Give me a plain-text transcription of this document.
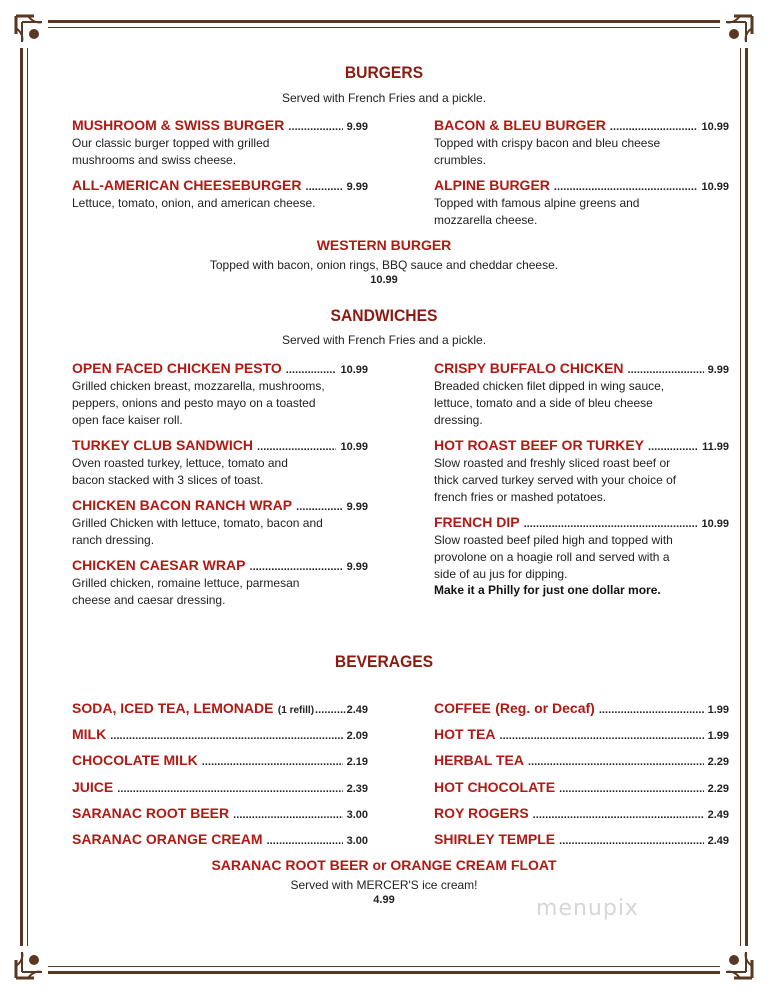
BURGERS
Served with French Fries and a pickle.
MUSHROOM & SWISS BURGER . . .	9.99
Our classic burger topped with grilled
mushrooms and swiss cheese.
BACON & BLEU BURGER . . .	10.99
Topped with crispy bacon and bleu cheese
crumbles.
ALL-AMERICAN CHEESEBURGER . . .	9.99
Lettuce, tomato, onion, and american cheese.
ALPINE BURGER . . .	10.99
Topped with famous alpine greens and
mozzarella cheese.
WESTERN BURGER
Topped with bacon, onion rings, BBQ sauce and cheddar cheese.
10.99
SANDWICHES
Served with French Fries and a pickle.
OPEN FACED CHICKEN PESTO . . .	10.99
Grilled chicken breast, mozzarella, mushrooms,
peppers, onions and pesto mayo on a toasted
open face kaiser roll.
CRISPY BUFFALO CHICKEN . . .	9.99
Breaded chicken filet dipped in wing sauce,
lettuce, tomato and a side of bleu cheese
dressing.
TURKEY CLUB SANDWICH . . .	10.99
Oven roasted turkey, lettuce, tomato and
bacon stacked with 3 slices of toast.
HOT ROAST BEEF OR TURKEY . . .	11.99
Slow roasted and freshly sliced roast beef or
thick carved turkey served with your choice of
french fries or mashed potatoes.
CHICKEN BACON RANCH WRAP . . .	9.99
Grilled Chicken with lettuce, tomato, bacon and
ranch dressing.
FRENCH DIP . . .	10.99
Slow roasted beef piled high and topped with
provolone on a hoagie roll and served with a
side of au jus for dipping.
Make it a Philly for just one dollar more.
CHICKEN CAESAR WRAP . . .	9.99
Grilled chicken, romaine lettuce, parmesan
cheese and caesar dressing.
BEVERAGES
SODA, ICED TEA, LEMONADE
(1 refill) . . .	2.49
MILK . . .	2.09
CHOCOLATE MILK . . .	2.19
JUICE . . .	2.39
SARANAC ROOT BEER . . .	3.00
SARANAC ORANGE CREAM . . .	3.00
COFFEE
(Reg. or Decaf) . . .	1.99
HOT TEA . . .	1.99
HERBAL TEA . . .	2.29
HOT CHOCOLATE . . .	2.29
ROY ROGERS . . .	2.49
SHIRLEY TEMPLE . . .	2.49
SARANAC ROOT BEER or ORANGE CREAM FLOAT
Served with MERCER'S ice cream!
4.99	menupix
